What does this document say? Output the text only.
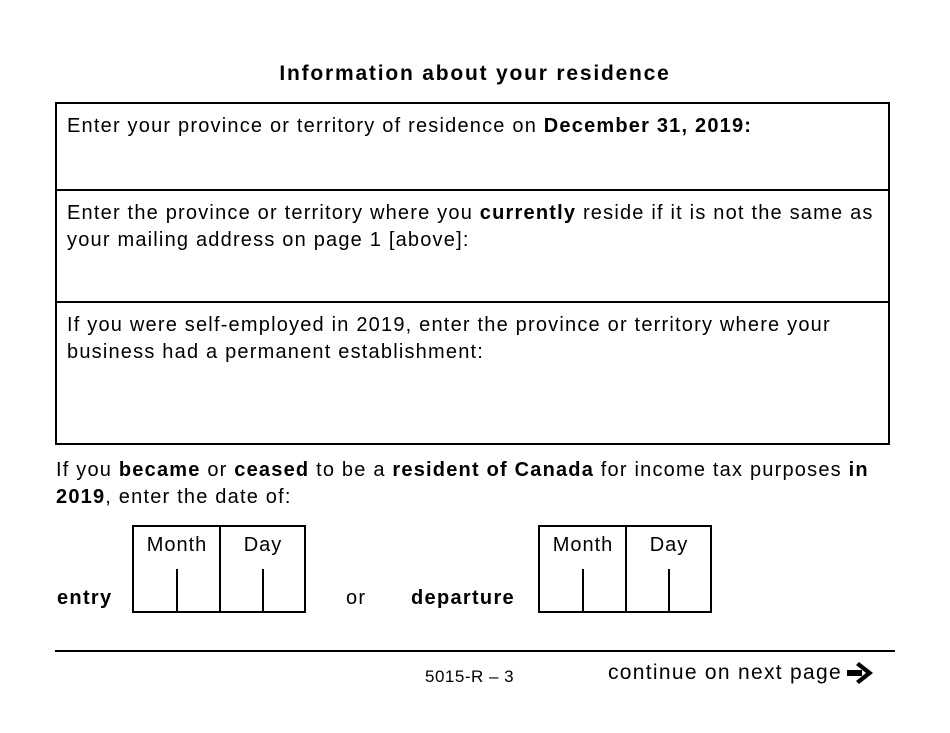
Information about your residence
Enter your province or territory of residence on December 31, 2019:
Enter the province or territory where you currently reside if it is not the same as your mailing address on page 1 [above]:
If you were self-employed in 2019, enter the province or territory where your business had a permanent establishment:
If you became or ceased to be a resident of Canada for income tax purposes in 2019, enter the date of:
entry
Month	Day
or departure
Month	Day
5015-R – 3	continue on next page
